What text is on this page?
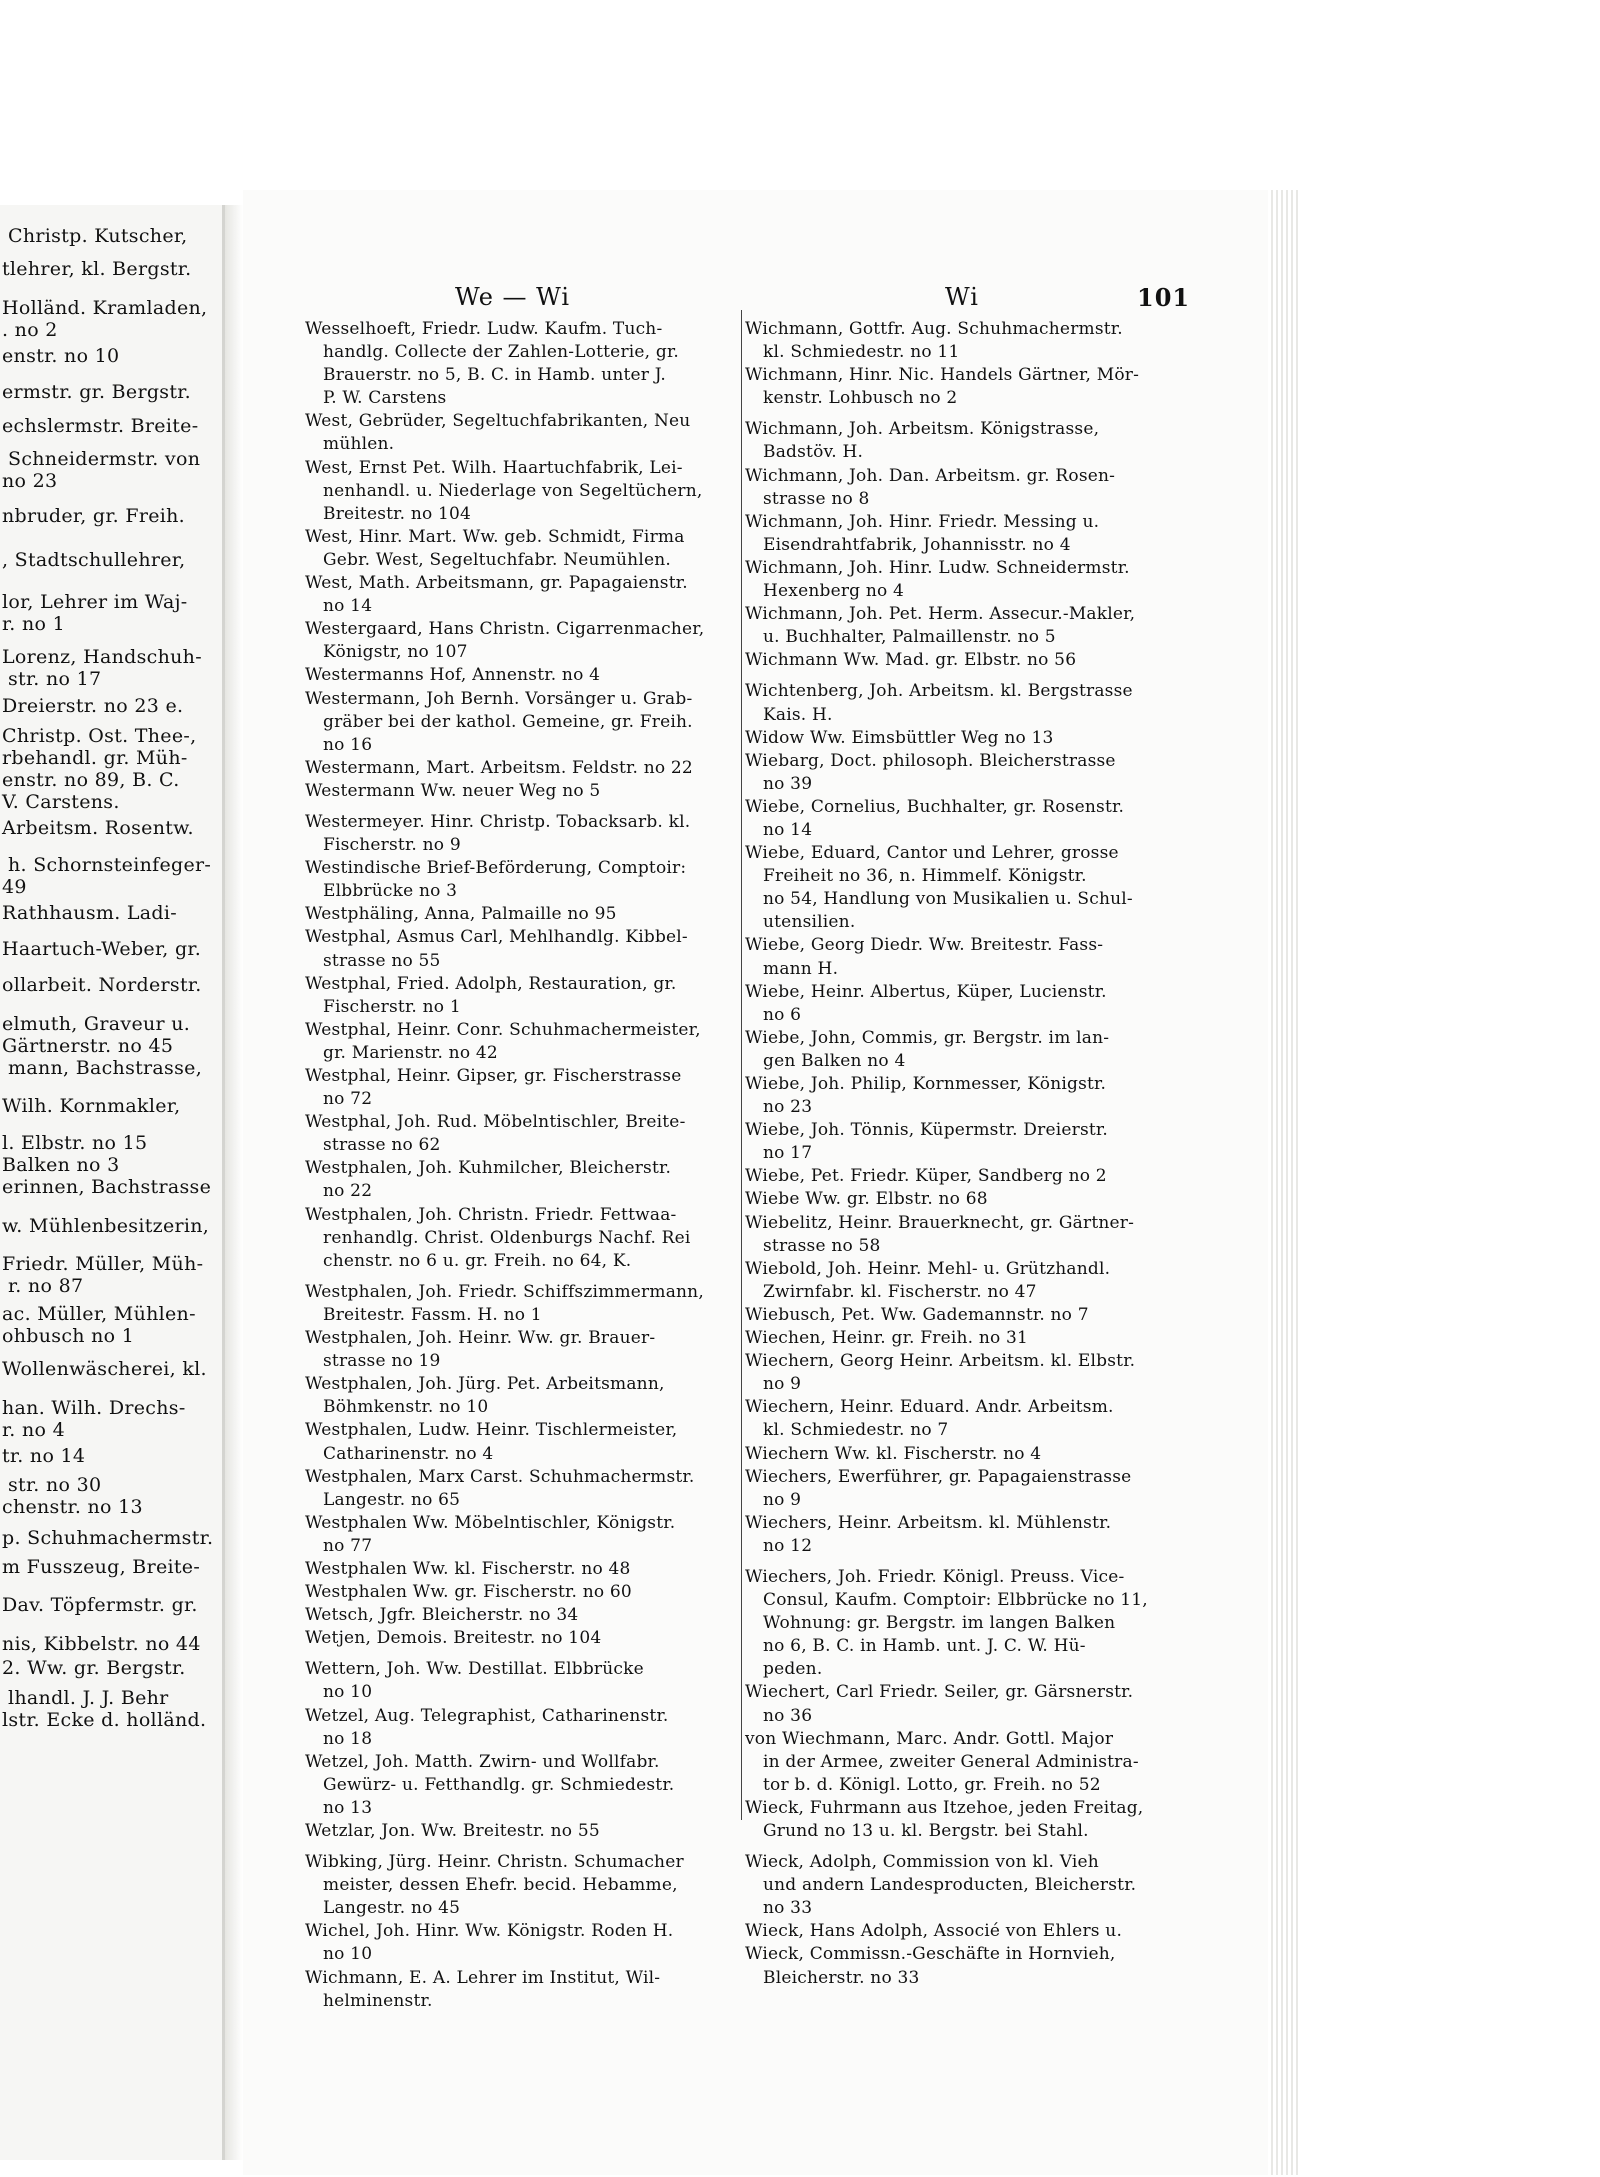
Christp. Kutscher,
tlehrer, kl. Bergstr.
Holländ. Kramladen,
. no 2
enstr. no 10
ermstr. gr. Bergstr.
echslermstr. Breite-
Schneidermstr. von
no 23
nbruder, gr. Freih.
, Stadtschullehrer,
lor, Lehrer im Waj-
r. no 1
Lorenz, Handschuh-
str. no 17
Dreierstr. no 23 e.
Christp. Ost. Thee-,
rbehandl. gr. Müh-
enstr. no 89, B. C.
V. Carstens.
Arbeitsm. Rosentw.
h. Schornsteinfeger-
49
Rathhausm. Ladi-
Haartuch-Weber, gr.
ollarbeit. Norderstr.
elmuth, Graveur u.
Gärtnerstr. no 45
mann, Bachstrasse,
Wilh. Kornmakler,
l. Elbstr. no 15
Balken no 3
erinnen, Bachstrasse
w. Mühlenbesitzerin,
Friedr. Müller, Müh-
r. no 87
ac. Müller, Mühlen-
ohbusch no 1
Wollenwäscherei, kl.
han. Wilh. Drechs-
r. no 4
tr. no 14
str. no 30
chenstr. no 13
p. Schuhmachermstr.
m Fusszeug, Breite-
Dav. Töpfermstr. gr.
nis, Kibbelstr. no 44
2. Ww. gr. Bergstr.
lhandl. J. J. Behr
lstr. Ecke d. holländ.
We — Wi	Wi	101
Wesselhoeft, Friedr. Ludw. Kaufm. Tuch-
handlg. Collecte der Zahlen-Lotterie, gr.
Brauerstr. no 5, B. C. in Hamb. unter J.
P. W. Carstens
West, Gebrüder, Segeltuchfabrikanten, Neu
mühlen.
West, Ernst Pet. Wilh. Haartuchfabrik, Lei-
nenhandl. u. Niederlage von Segeltüchern,
Breitestr. no 104
West, Hinr. Mart. Ww. geb. Schmidt, Firma
Gebr. West, Segeltuchfabr. Neumühlen.
West, Math. Arbeitsmann, gr. Papagaienstr.
no 14
Westergaard, Hans Christn. Cigarrenmacher,
Königstr, no 107
Westermanns Hof, Annenstr. no 4
Westermann, Joh Bernh. Vorsänger u. Grab-
gräber bei der kathol. Gemeine, gr. Freih.
no 16
Westermann, Mart. Arbeitsm. Feldstr. no 22
Westermann Ww. neuer Weg no 5
Westermeyer. Hinr. Christp. Tobacksarb. kl.
Fischerstr. no 9
Westindische Brief-Beförderung, Comptoir:
Elbbrücke no 3
Westphäling, Anna, Palmaille no 95
Westphal, Asmus Carl, Mehlhandlg. Kibbel-
strasse no 55
Westphal, Fried. Adolph, Restauration, gr.
Fischerstr. no 1
Westphal, Heinr. Conr. Schuhmachermeister,
gr. Marienstr. no 42
Westphal, Heinr. Gipser, gr. Fischerstrasse
no 72
Westphal, Joh. Rud. Möbelntischler, Breite-
strasse no 62
Westphalen, Joh. Kuhmilcher, Bleicherstr.
no 22
Westphalen, Joh. Christn. Friedr. Fettwaa-
renhandlg. Christ. Oldenburgs Nachf. Rei
chenstr. no 6 u. gr. Freih. no 64, K.
Westphalen, Joh. Friedr. Schiffszimmermann,
Breitestr. Fassm. H. no 1
Westphalen, Joh. Heinr. Ww. gr. Brauer-
strasse no 19
Westphalen, Joh. Jürg. Pet. Arbeitsmann,
Böhmkenstr. no 10
Westphalen, Ludw. Heinr. Tischlermeister,
Catharinenstr. no 4
Westphalen, Marx Carst. Schuhmachermstr.
Langestr. no 65
Westphalen Ww. Möbelntischler, Königstr.
no 77
Westphalen Ww. kl. Fischerstr. no 48
Westphalen Ww. gr. Fischerstr. no 60
Wetsch, Jgfr. Bleicherstr. no 34
Wetjen, Demois. Breitestr. no 104
Wettern, Joh. Ww. Destillat. Elbbrücke
no 10
Wetzel, Aug. Telegraphist, Catharinenstr.
no 18
Wetzel, Joh. Matth. Zwirn- und Wollfabr.
Gewürz- u. Fetthandlg. gr. Schmiedestr.
no 13
Wetzlar, Jon. Ww. Breitestr. no 55
Wibking, Jürg. Heinr. Christn. Schumacher
meister, dessen Ehefr. becid. Hebamme,
Langestr. no 45
Wichel, Joh. Hinr. Ww. Königstr. Roden H.
no 10
Wichmann, E. A. Lehrer im Institut, Wil-
helminenstr.
Wichmann, Gottfr. Aug. Schuhmachermstr.
kl. Schmiedestr. no 11
Wichmann, Hinr. Nic. Handels Gärtner, Mör-
kenstr. Lohbusch no 2
Wichmann, Joh. Arbeitsm. Königstrasse,
Badstöv. H.
Wichmann, Joh. Dan. Arbeitsm. gr. Rosen-
strasse no 8
Wichmann, Joh. Hinr. Friedr. Messing u.
Eisendrahtfabrik, Johannisstr. no 4
Wichmann, Joh. Hinr. Ludw. Schneidermstr.
Hexenberg no 4
Wichmann, Joh. Pet. Herm. Assecur.-Makler,
u. Buchhalter, Palmaillenstr. no 5
Wichmann Ww. Mad. gr. Elbstr. no 56
Wichtenberg, Joh. Arbeitsm. kl. Bergstrasse
Kais. H.
Widow Ww. Eimsbüttler Weg no 13
Wiebarg, Doct. philosoph. Bleicherstrasse
no 39
Wiebe, Cornelius, Buchhalter, gr. Rosenstr.
no 14
Wiebe, Eduard, Cantor und Lehrer, grosse
Freiheit no 36, n. Himmelf. Königstr.
no 54, Handlung von Musikalien u. Schul-
utensilien.
Wiebe, Georg Diedr. Ww. Breitestr. Fass-
mann H.
Wiebe, Heinr. Albertus, Küper, Lucienstr.
no 6
Wiebe, John, Commis, gr. Bergstr. im lan-
gen Balken no 4
Wiebe, Joh. Philip, Kornmesser, Königstr.
no 23
Wiebe, Joh. Tönnis, Küpermstr. Dreierstr.
no 17
Wiebe, Pet. Friedr. Küper, Sandberg no 2
Wiebe Ww. gr. Elbstr. no 68
Wiebelitz, Heinr. Brauerknecht, gr. Gärtner-
strasse no 58
Wiebold, Joh. Heinr. Mehl- u. Grützhandl.
Zwirnfabr. kl. Fischerstr. no 47
Wiebusch, Pet. Ww. Gademannstr. no 7
Wiechen, Heinr. gr. Freih. no 31
Wiechern, Georg Heinr. Arbeitsm. kl. Elbstr.
no 9
Wiechern, Heinr. Eduard. Andr. Arbeitsm.
kl. Schmiedestr. no 7
Wiechern Ww. kl. Fischerstr. no 4
Wiechers, Ewerführer, gr. Papagaienstrasse
no 9
Wiechers, Heinr. Arbeitsm. kl. Mühlenstr.
no 12
Wiechers, Joh. Friedr. Königl. Preuss. Vice-
Consul, Kaufm. Comptoir: Elbbrücke no 11,
Wohnung: gr. Bergstr. im langen Balken
no 6, B. C. in Hamb. unt. J. C. W. Hü-
peden.
Wiechert, Carl Friedr. Seiler, gr. Gärsnerstr.
no 36
von Wiechmann, Marc. Andr. Gottl. Major
in der Armee, zweiter General Administra-
tor b. d. Königl. Lotto, gr. Freih. no 52
Wieck, Fuhrmann aus Itzehoe, jeden Freitag,
Grund no 13 u. kl. Bergstr. bei Stahl.
Wieck, Adolph, Commission von kl. Vieh
und andern Landesproducten, Bleicherstr.
no 33
Wieck, Hans Adolph, Associé von Ehlers u.
Wieck, Commissn.-Geschäfte in Hornvieh,
Bleicherstr. no 33
